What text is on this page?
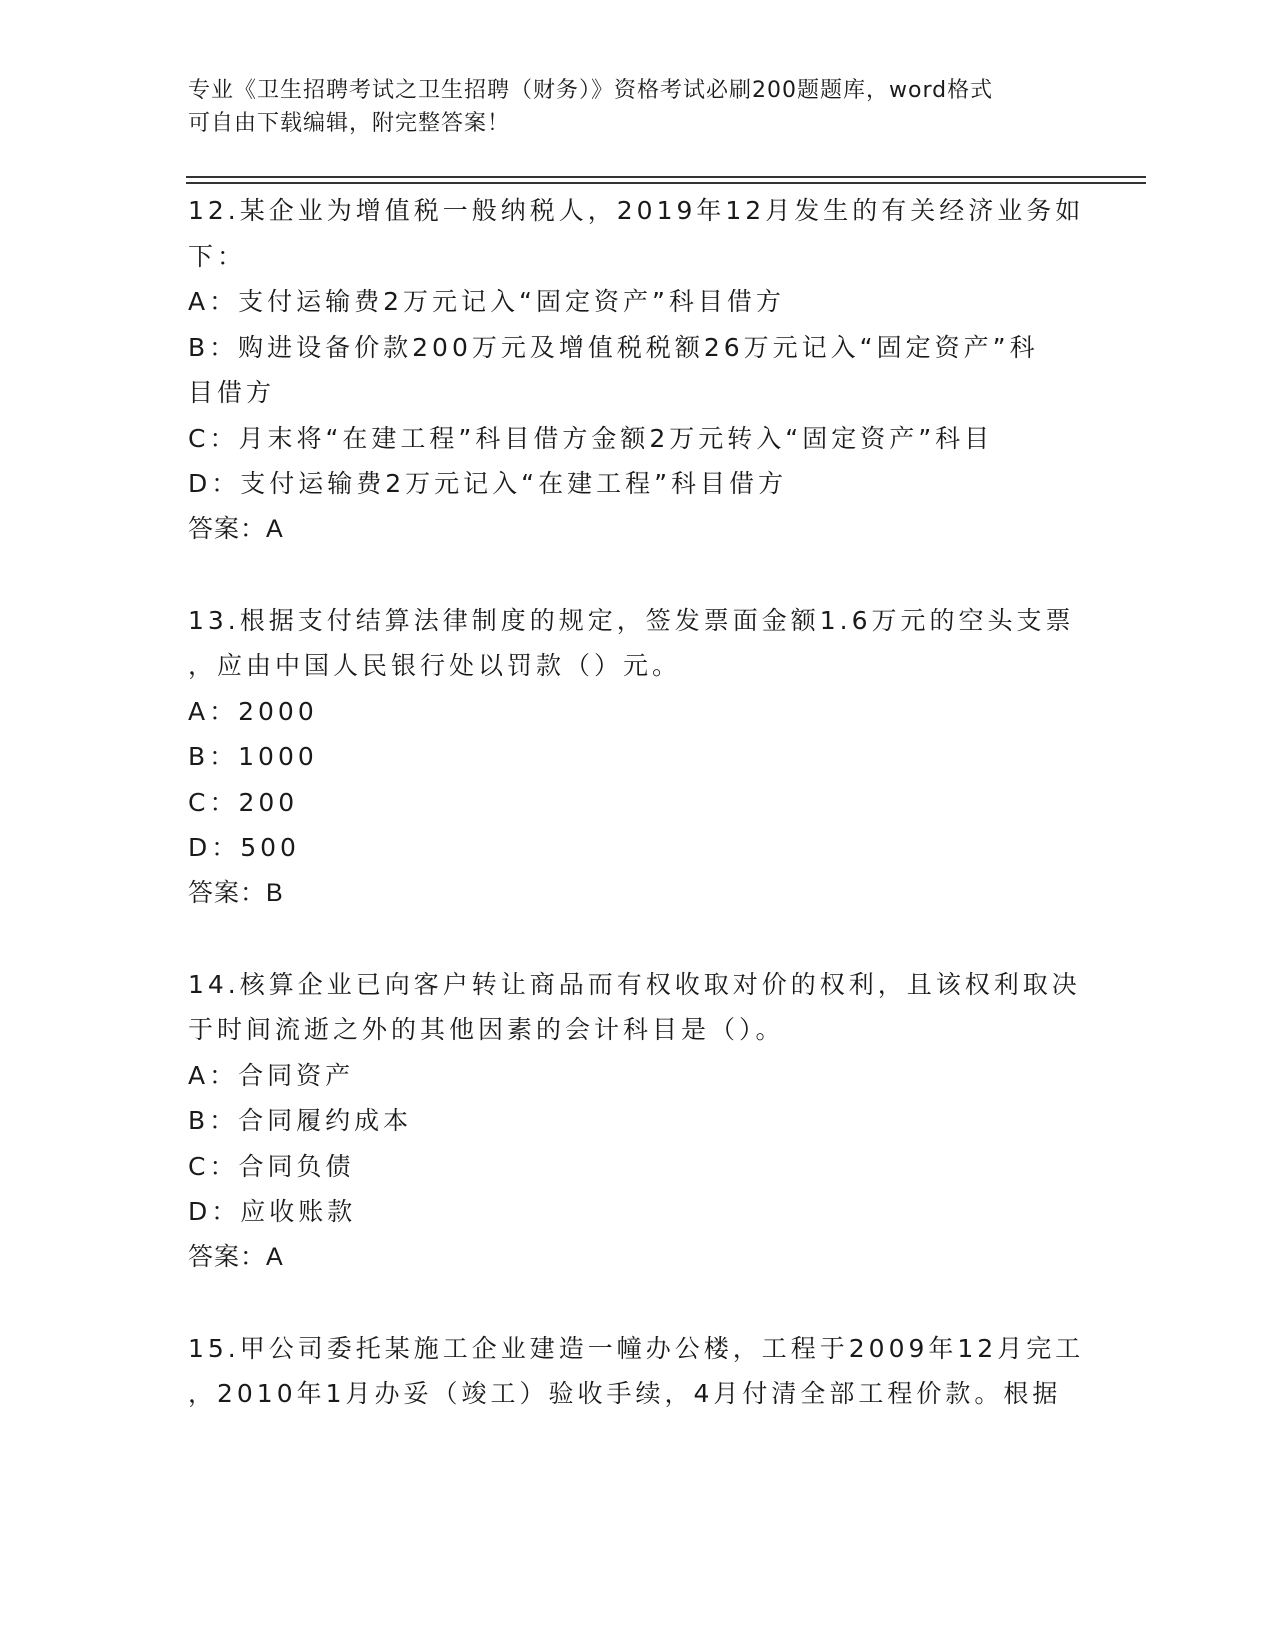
专业《卫生招聘考试之卫生招聘（财务）》资格考试必刷200题题库，word格式
可自由下载编辑，附完整答案！
12.某企业为增值税一般纳税人，2019年12月发生的有关经济业务如
下：
A：支付运输费2万元记入“固定资产”科目借方
B：购进设备价款200万元及增值税税额26万元记入“固定资产”科
目借方
C：月末将“在建工程”科目借方金额2万元转入“固定资产”科目
D：支付运输费2万元记入“在建工程”科目借方
答案：A
13.根据支付结算法律制度的规定，签发票面金额1.6万元的空头支票
，应由中国人民银行处以罚款（）元。
A：2000
B：1000
C：200
D：500
答案：B
14.核算企业已向客户转让商品而有权收取对价的权利，且该权利取决
于时间流逝之外的其他因素的会计科目是（）。
A：合同资产
B：合同履约成本
C：合同负债
D：应收账款
答案：A
15.甲公司委托某施工企业建造一幢办公楼，工程于2009年12月完工
，2010年1月办妥（竣工）验收手续，4月付清全部工程价款。根据
